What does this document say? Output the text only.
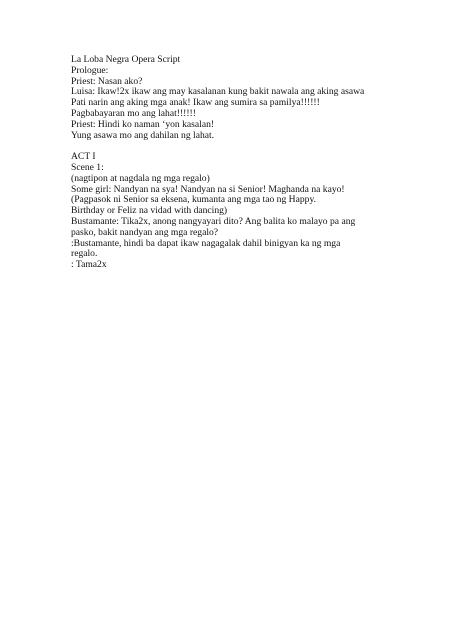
La Loba Negra Opera Script
Prologue:
Priest: Nasan ako?
Luisa: Ikaw!2x ikaw ang may kasalanan kung bakit nawala ang aking asawa
Pati narin ang aking mga anak! Ikaw ang sumira sa pamilya!!!!!!
Pagbabayaran mo ang lahat!!!!!!
Priest: Hindi ko naman ‘yon kasalan!
Yung asawa mo ang dahilan ng lahat.
ACT I
Scene 1:
(nagtipon at nagdala ng mga regalo)
Some girl: Nandyan na sya! Nandyan na si Senior! Maghanda na kayo!
(Pagpasok ni Senior sa eksena, kumanta ang mga tao ng Happy.
Birthday or Feliz na vidad with dancing)
Bustamante: Tika2x, anong nangyayari dito? Ang balita ko malayo pa ang
pasko, bakit nandyan ang mga regalo?
:Bustamante, hindi ba dapat ikaw nagagalak dahil binigyan ka ng mga
regalo.
: Tama2x
